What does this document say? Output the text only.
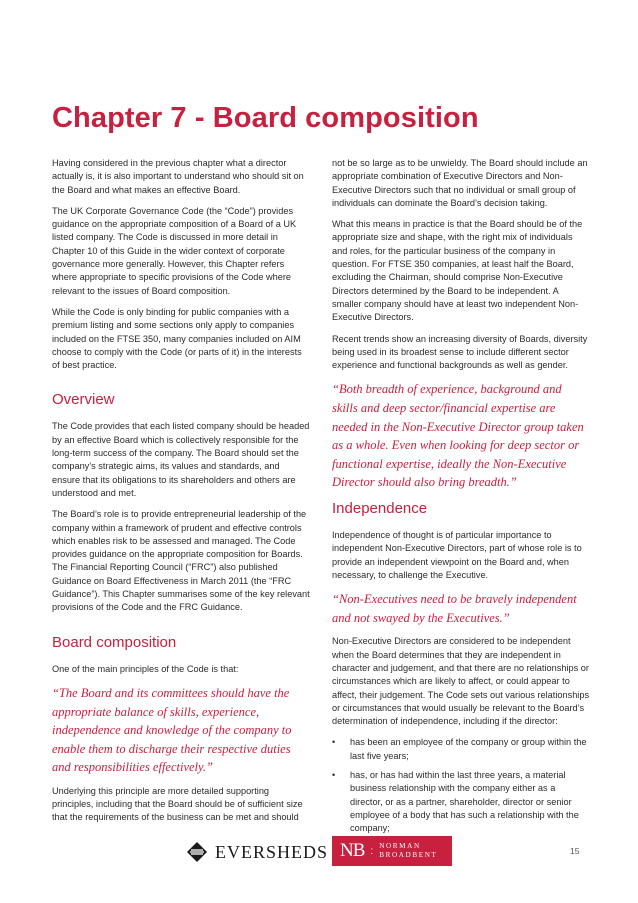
Chapter 7 - Board composition

Having considered in the previous chapter what a director actually is, it is also important to understand who should sit on the Board and what makes an effective Board.

The UK Corporate Governance Code (the “Code”) provides guidance on the appropriate composition of a Board of a UK listed company. The Code is discussed in more detail in Chapter 10 of this Guide in the wider context of corporate governance more generally. However, this Chapter refers where appropriate to specific provisions of the Code where relevant to the issues of Board composition.

While the Code is only binding for public companies with a premium listing and some sections only apply to companies included on the FTSE 350, many companies included on AIM choose to comply with the Code (or parts of it) in the interests of best practice.

Overview

The Code provides that each listed company should be headed by an effective Board which is collectively responsible for the long-term success of the company. The Board should set the company’s strategic aims, its values and standards, and ensure that its obligations to its shareholders and others are understood and met.

The Board’s role is to provide entrepreneurial leadership of the company within a framework of prudent and effective controls which enables risk to be assessed and managed. The Code provides guidance on the appropriate composition for Boards. The Financial Reporting Council (“FRC”) also published Guidance on Board Effectiveness in March 2011 (the “FRC Guidance”). This Chapter summarises some of the key relevant provisions of the Code and the FRC Guidance.

Board composition

One of the main principles of the Code is that:

“The Board and its committees should have the appropriate balance of skills, experience, independence and knowledge of the company to enable them to discharge their respective duties and responsibilities effectively.”

Underlying this principle are more detailed supporting principles, including that the Board should be of sufficient size that the requirements of the business can be met and should

not be so large as to be unwieldy. The Board should include an appropriate combination of Executive Directors and Non-Executive Directors such that no individual or small group of individuals can dominate the Board’s decision taking.

What this means in practice is that the Board should be of the appropriate size and shape, with the right mix of individuals and roles, for the particular business of the company in question. For FTSE 350 companies, at least half the Board, excluding the Chairman, should comprise Non-Executive Directors determined by the Board to be independent. A smaller company should have at least two independent Non-Executive Directors.

Recent trends show an increasing diversity of Boards, diversity being used in its broadest sense to include different sector experience and functional backgrounds as well as gender.

“Both breadth of experience, background and skills and deep sector/financial expertise are needed in the Non-Executive Director group taken as a whole. Even when looking for deep sector or functional expertise, ideally the Non-Executive Director should also bring breadth.”

Independence

Independence of thought is of particular importance to independent Non-Executive Directors, part of whose role is to provide an independent viewpoint on the Board and, when necessary, to challenge the Executive.

“Non-Executives need to be bravely independent and not swayed by the Executives.”

Non-Executive Directors are considered to be independent when the Board determines that they are independent in character and judgement, and that there are no relationships or circumstances which are likely to affect, or could appear to affect, their judgement. The Code sets out various relationships or circumstances that would usually be relevant to the Board’s determination of independence, including if the director:

• has been an employee of the company or group within the last five years;
• has, or has had within the last three years, a material business relationship with the company either as a director, or as a partner, shareholder, director or senior employee of a body that has such a relationship with the company;
EVERSHEDS NB : NORMAN
BROADBENT	15
